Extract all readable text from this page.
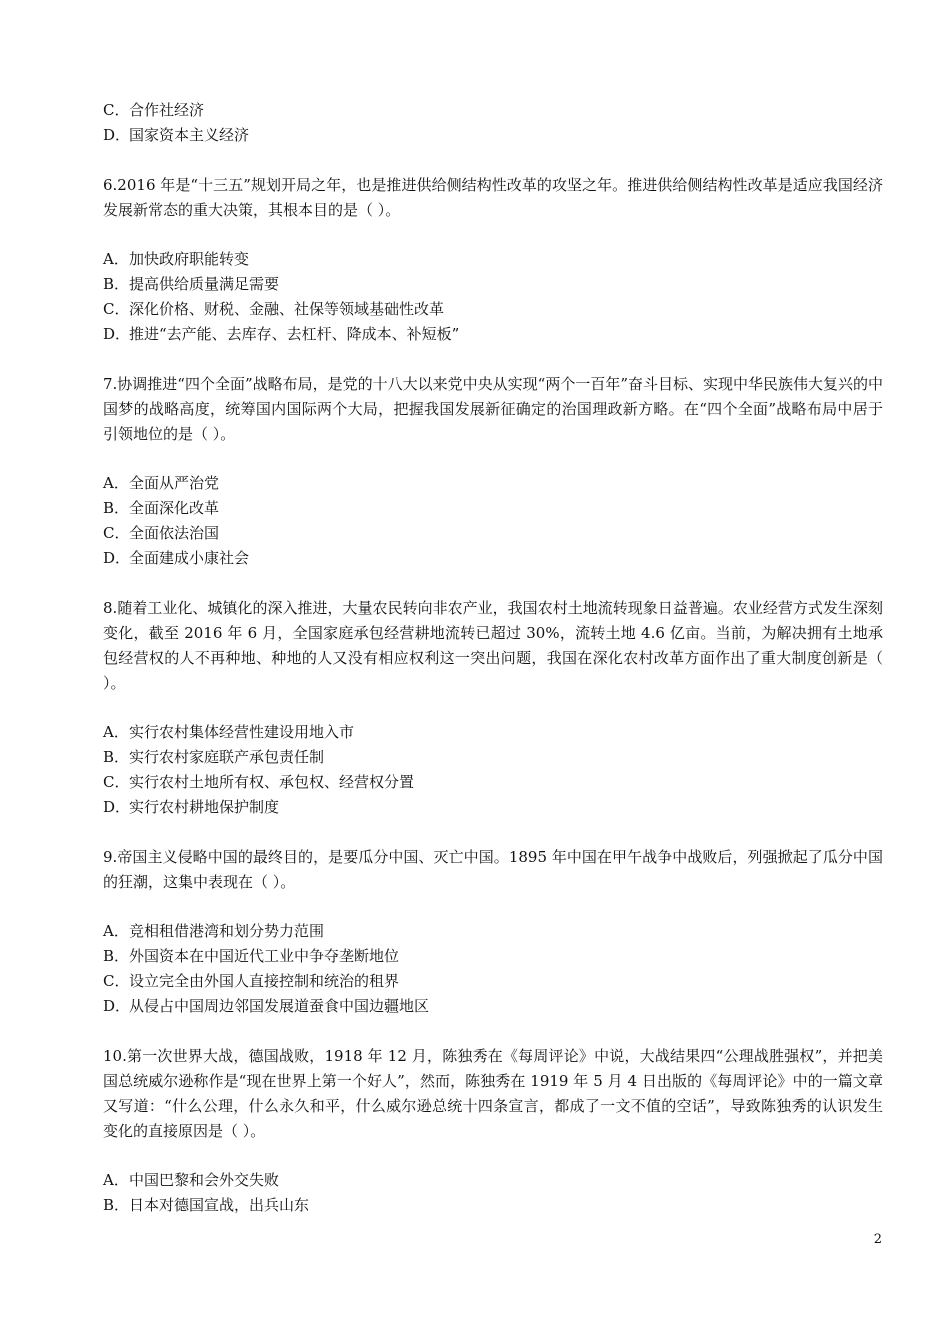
C．合作社经济
D．国家资本主义经济
6.2016 年是“十三五”规划开局之年，也是推进供给侧结构性改革的攻坚之年。推进供给侧结构性改革是适应我国经济发展新常态的重大决策，其根本目的是（ ）。
A．加快政府职能转变
B．提高供给质量满足需要
C．深化价格、财税、金融、社保等领域基础性改革
D．推进“去产能、去库存、去杠杆、降成本、补短板”
7.协调推进“四个全面”战略布局，是党的十八大以来党中央从实现“两个一百年”奋斗目标、实现中华民族伟大复兴的中国梦的战略高度，统筹国内国际两个大局，把握我国发展新征确定的治国理政新方略。在“四个全面”战略布局中居于引领地位的是（ ）。
A．全面从严治党
B．全面深化改革
C．全面依法治国
D．全面建成小康社会
8.随着工业化、城镇化的深入推进，大量农民转向非农产业，我国农村土地流转现象日益普遍。农业经营方式发生深刻变化，截至 2016 年 6 月，全国家庭承包经营耕地流转已超过 30%，流转土地 4.6 亿亩。当前，为解决拥有土地承包经营权的人不再种地、种地的人又没有相应权利这一突出问题，我国在深化农村改革方面作出了重大制度创新是（ ）。
A．实行农村集体经营性建设用地入市
B．实行农村家庭联产承包责任制
C．实行农村土地所有权、承包权、经营权分置
D．实行农村耕地保护制度
9.帝国主义侵略中国的最终目的，是要瓜分中国、灭亡中国。1895 年中国在甲午战争中战败后，列强掀起了瓜分中国的狂潮，这集中表现在（ ）。
A．竞相租借港湾和划分势力范围
B．外国资本在中国近代工业中争夺垄断地位
C．设立完全由外国人直接控制和统治的租界
D．从侵占中国周边邻国发展道蚕食中国边疆地区
10.第一次世界大战，德国战败，1918 年 12 月，陈独秀在《每周评论》中说，大战结果四“公理战胜强权”，并把美国总统威尔逊称作是“现在世界上第一个好人”，然而，陈独秀在 1919 年 5 月 4 日出版的《每周评论》中的一篇文章又写道：“什么公理，什么永久和平，什么威尔逊总统十四条宣言，都成了一文不值的空话”，导致陈独秀的认识发生变化的直接原因是（ ）。
A．中国巴黎和会外交失败
B．日本对德国宣战，出兵山东
2
